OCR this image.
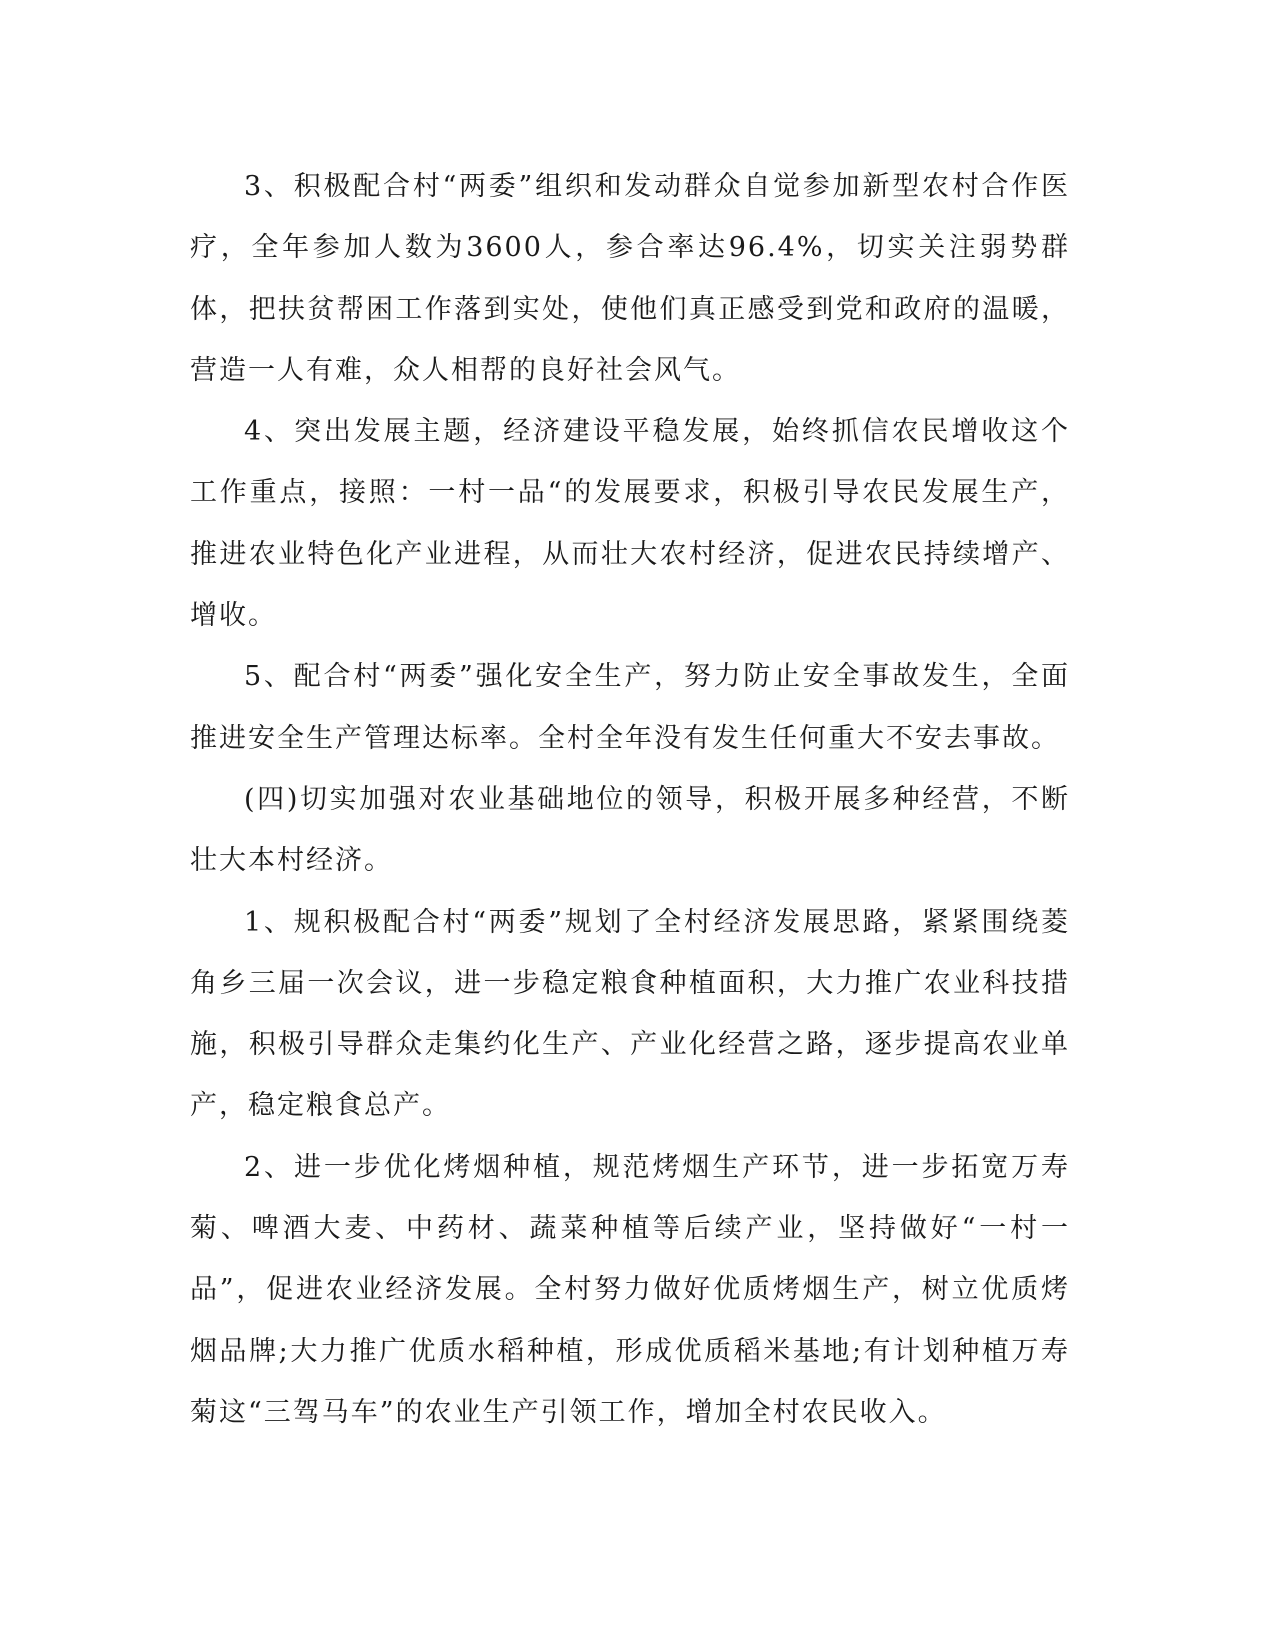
3、积极配合村“两委”组织和发动群众自觉参加新型农村合作医疗，全年参加人数为3600人，参合率达96.4%，切实关注弱势群体，把扶贫帮困工作落到实处，使他们真正感受到党和政府的温暖，营造一人有难，众人相帮的良好社会风气。

4、突出发展主题，经济建设平稳发展，始终抓信农民增收这个工作重点，接照：一村一品“的发展要求，积极引导农民发展生产，推进农业特色化产业进程，从而壮大农村经济，促进农民持续增产、增收。

5、配合村“两委”强化安全生产，努力防止安全事故发生，全面推进安全生产管理达标率。全村全年没有发生任何重大不安去事故。

(四)切实加强对农业基础地位的领导，积极开展多种经营，不断壮大本村经济。

1、规积极配合村“两委”规划了全村经济发展思路，紧紧围绕菱角乡三届一次会议，进一步稳定粮食种植面积，大力推广农业科技措施，积极引导群众走集约化生产、产业化经营之路，逐步提高农业单产，稳定粮食总产。

2、进一步优化烤烟种植，规范烤烟生产环节，进一步拓宽万寿菊、啤酒大麦、中药材、蔬菜种植等后续产业，坚持做好“一村一品”，促进农业经济发展。全村努力做好优质烤烟生产，树立优质烤烟品牌;大力推广优质水稻种植，形成优质稻米基地;有计划种植万寿菊这“三驾马车”的农业生产引领工作，增加全村农民收入。
